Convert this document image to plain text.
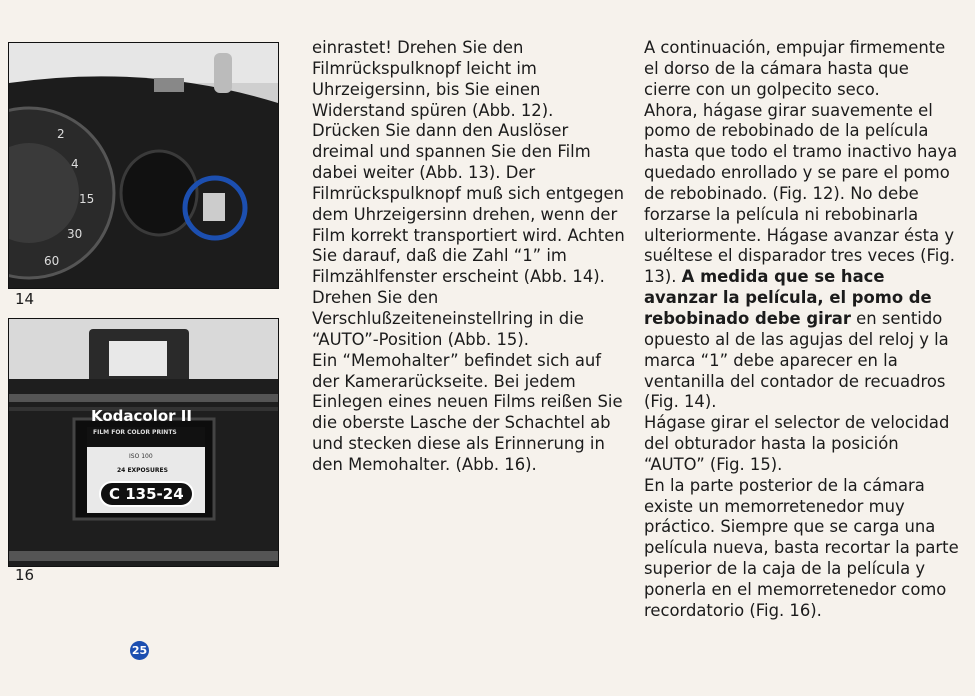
2
4
15
30
60
14
Kodacolor II
FILM FOR COLOR PRINTS
ISO 100
24 EXPOSURES
C 135-24
16

einrastet! Drehen Sie den Filmrückspulknopf leicht im Uhrzeigersinn, bis Sie einen Widerstand spüren (Abb. 12).

Drücken Sie dann den Auslöser dreimal und spannen Sie den Film dabei weiter (Abb. 13). Der Filmrückspulknopf muß sich entgegen dem Uhrzeigersinn drehen, wenn der Film korrekt transportiert wird. Achten Sie darauf, daß die Zahl “1” im Filmzählfenster erscheint (Abb. 14). Drehen Sie den Verschlußzeiteneinstellring in die “AUTO”-Position (Abb. 15).

Ein “Memohalter” befindet sich auf der Kamerarückseite. Bei jedem Einlegen eines neuen Films reißen Sie die oberste Lasche der Schachtel ab und stecken diese als Erinnerung in den Memohalter. (Abb. 16).

A continuación, empujar firmemente el dorso de la cámara hasta que cierre con un golpecito seco.

Ahora, hágase girar suavemente el pomo de rebobinado de la película hasta que todo el tramo inactivo haya quedado enrollado y se pare el pomo de rebobinado. (Fig. 12). No debe forzarse la película ni rebobinarla ulteriormente. Hágase avanzar ésta y suéltese el disparador tres veces (Fig. 13). A medida que se hace avanzar la película, el pomo de rebobinado debe girar en sentido opuesto al de las agujas del reloj y la marca “1” debe aparecer en la ventanilla del contador de recuadros (Fig. 14).

Hágase girar el selector de velocidad del obturador hasta la posición “AUTO” (Fig. 15).

En la parte posterior de la cámara existe un memorretenedor muy práctico. Siempre que se carga una película nueva, basta recortar la parte superior de la caja de la película y ponerla en el memorretenedor como recordatorio (Fig. 16).

25
